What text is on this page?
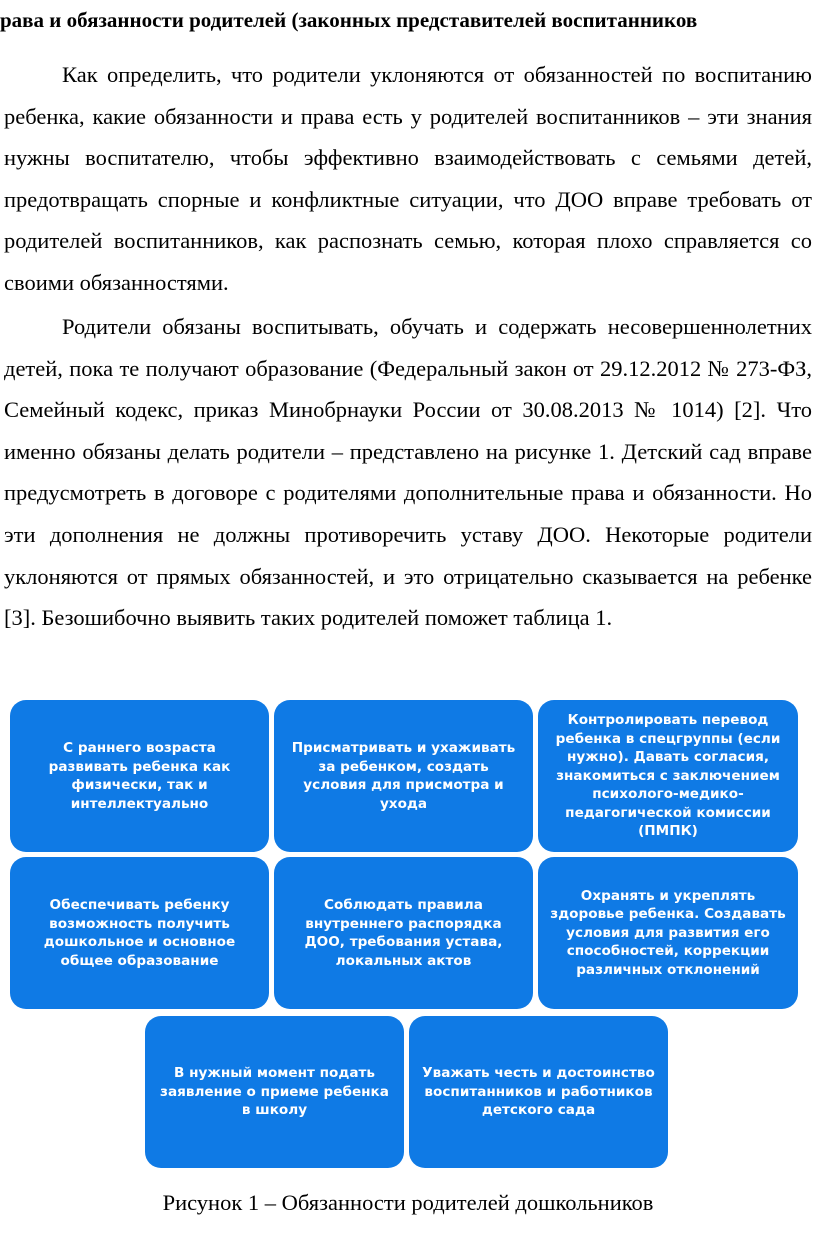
рава и обязанности родителей (законных представителей воспитанников

Как определить, что родители уклоняются от обязанностей по воспитанию ребенка, какие обязанности и права есть у родителей воспитанников – эти знания нужны воспитателю, чтобы эффективно взаимодействовать с семьями детей, предотвращать спорные и конфликтные ситуации, что ДОО вправе требовать от родителей воспитанников, как распознать семью, которая плохо справляется со своими обязанностями.

Родители обязаны воспитывать, обучать и содержать несовершеннолетних детей, пока те получают образование (Федеральный закон от 29.12.2012 № 273-ФЗ, Семейный кодекс, приказ Минобрнауки России от 30.08.2013 № 1014) [2]. Что именно обязаны делать родители – представлено на рисунке 1. Детский сад вправе предусмотреть в договоре с родителями дополнительные права и обязанности. Но эти дополнения не должны противоречить уставу ДОО. Некоторые родители уклоняются от прямых обязанностей, и это отрицательно сказывается на ребенке [3]. Безошибочно выявить таких родителей поможет таблица 1.

С раннего возраста развивать ребенка как физически, так и интеллектуально
Присматривать и ухаживать за ребенком, создать условия для присмотра и ухода
Контролировать перевод ребенка в спецгруппы (если нужно). Давать согласия, знакомиться с заключением психолого-медико-педагогической комиссии (ПМПК)
Обеспечивать ребенку возможность получить дошкольное и основное общее образование
Соблюдать правила внутреннего распорядка ДОО, требования устава, локальных актов
Охранять и укреплять здоровье ребенка. Создавать условия для развития его способностей, коррекции различных отклонений
В нужный момент подать заявление о приеме ребенка в школу
Уважать честь и достоинство воспитанников и работников детского сада
Рисунок 1 – Обязанности родителей дошкольников
